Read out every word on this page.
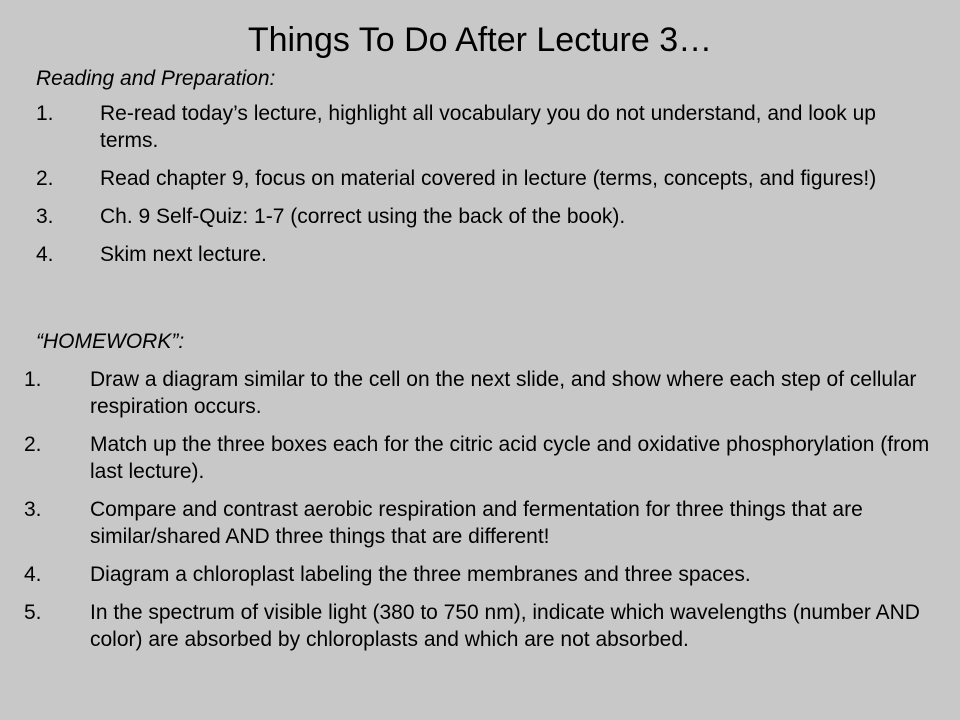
Things To Do After Lecture 3…
Reading and Preparation:
1. Re-read today’s lecture, highlight all vocabulary you do not understand, and look up terms.
2. Read chapter 9, focus on material covered in lecture (terms, concepts, and figures!)
3. Ch. 9 Self-Quiz: 1-7 (correct using the back of the book).
4. Skim next lecture.
“HOMEWORK”:
1. Draw a diagram similar to the cell on the next slide, and show where each step of cellular respiration occurs.
2. Match up the three boxes each for the citric acid cycle and oxidative phosphorylation (from last lecture).
3. Compare and contrast aerobic respiration and fermentation for three things that are similar/shared AND three things that are different!
4. Diagram a chloroplast labeling the three membranes and three spaces.
5. In the spectrum of visible light (380 to 750 nm), indicate which wavelengths (number AND color) are absorbed by chloroplasts and which are not absorbed.
